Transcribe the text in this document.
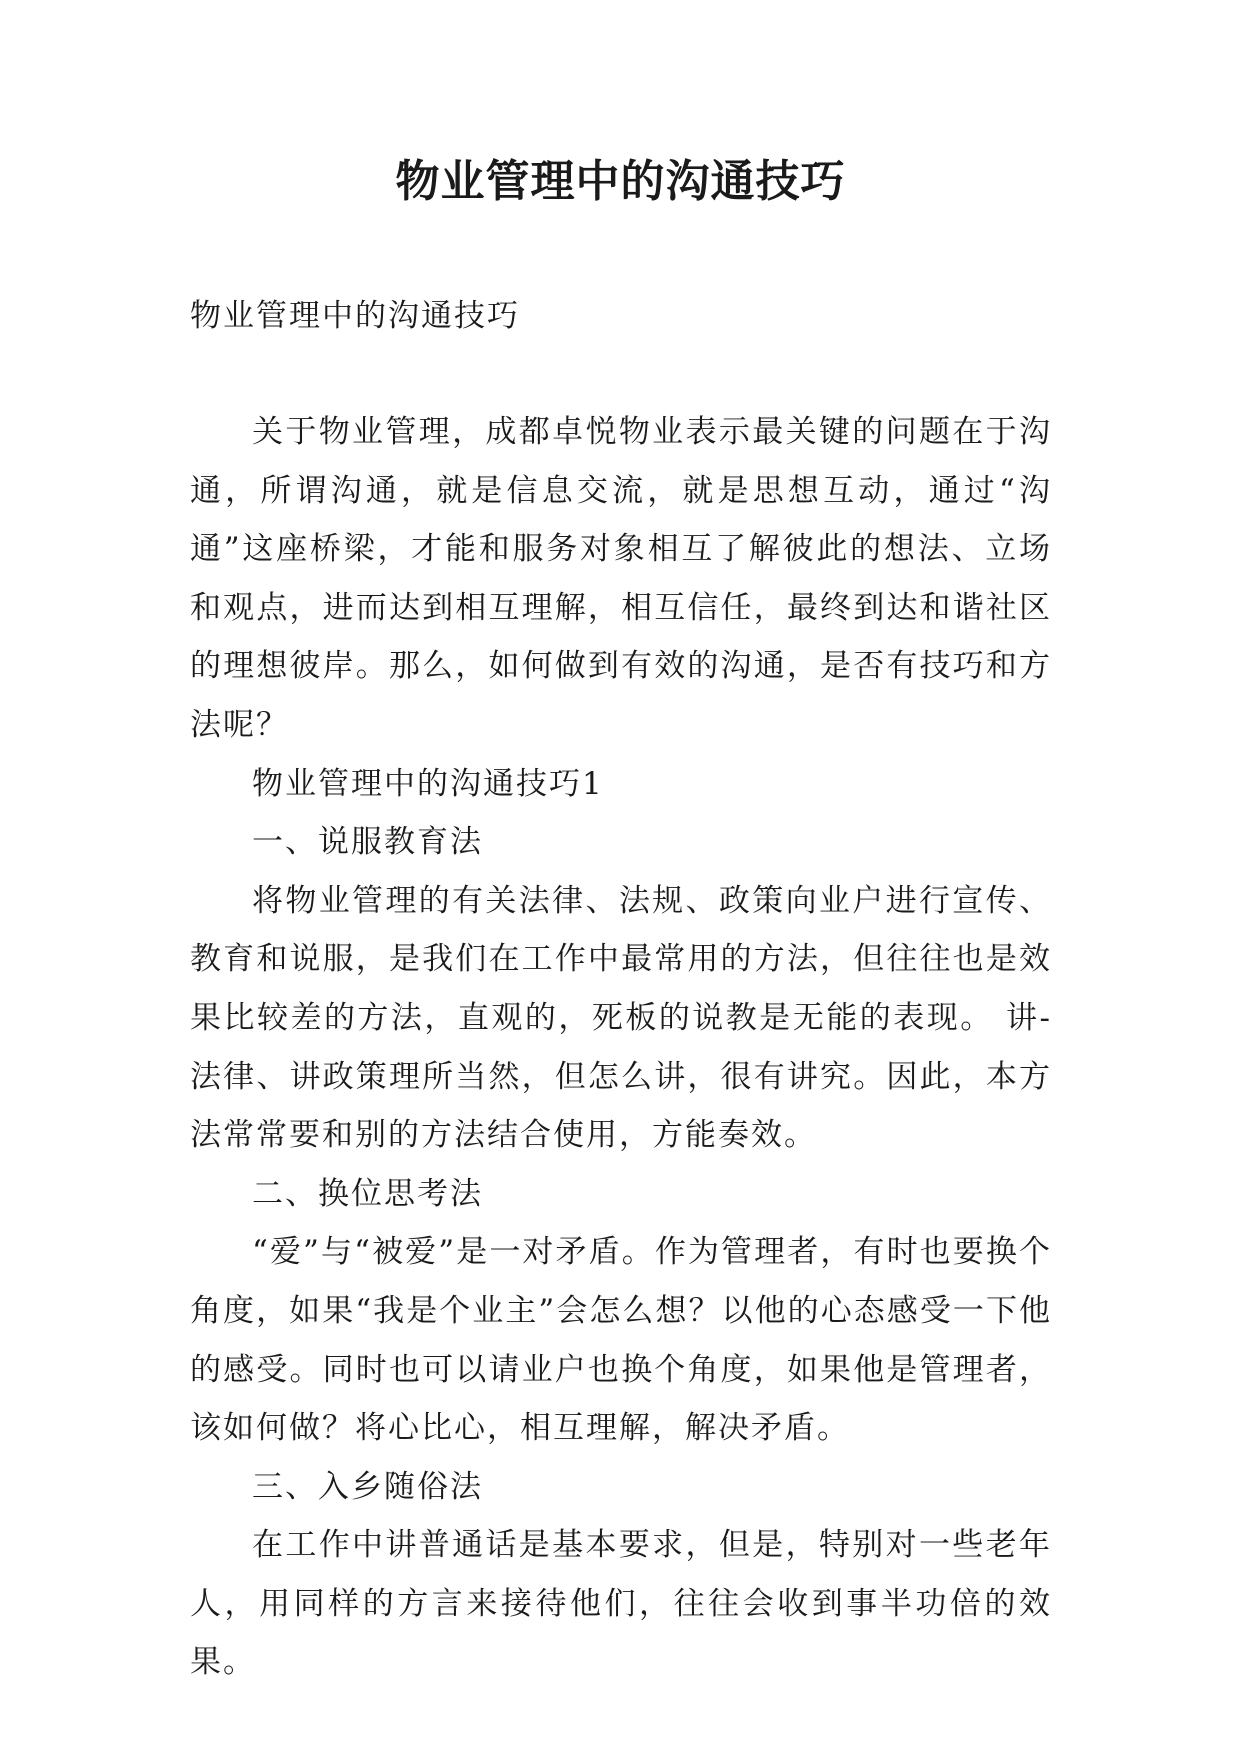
物业管理中的沟通技巧

物业管理中的沟通技巧

关于物业管理，成都卓悦物业表示最关键的问题在于沟通，所谓沟通，就是信息交流，就是思想互动，通过“沟通”这座桥梁，才能和服务对象相互了解彼此的想法、立场和观点，进而达到相互理解，相互信任，最终到达和谐社区的理想彼岸。那么，如何做到有效的沟通，是否有技巧和方法呢？

物业管理中的沟通技巧1

一、说服教育法

将物业管理的有关法律、法规、政策向业户进行宣传、教育和说服，是我们在工作中最常用的方法，但往往也是效果比较差的方法，直观的，死板的说教是无能的表现。 讲-法律、讲政策理所当然，但怎么讲，很有讲究。因此，本方法常常要和别的方法结合使用，方能奏效。

二、换位思考法

“爱”与“被爱”是一对矛盾。作为管理者，有时也要换个角度，如果“我是个业主”会怎么想？以他的心态感受一下他的感受。同时也可以请业户也换个角度，如果他是管理者，该如何做？将心比心，相互理解，解决矛盾。

三、入乡随俗法

在工作中讲普通话是基本要求，但是，特别对一些老年人，用同样的方言来接待他们，往往会收到事半功倍的效果。
